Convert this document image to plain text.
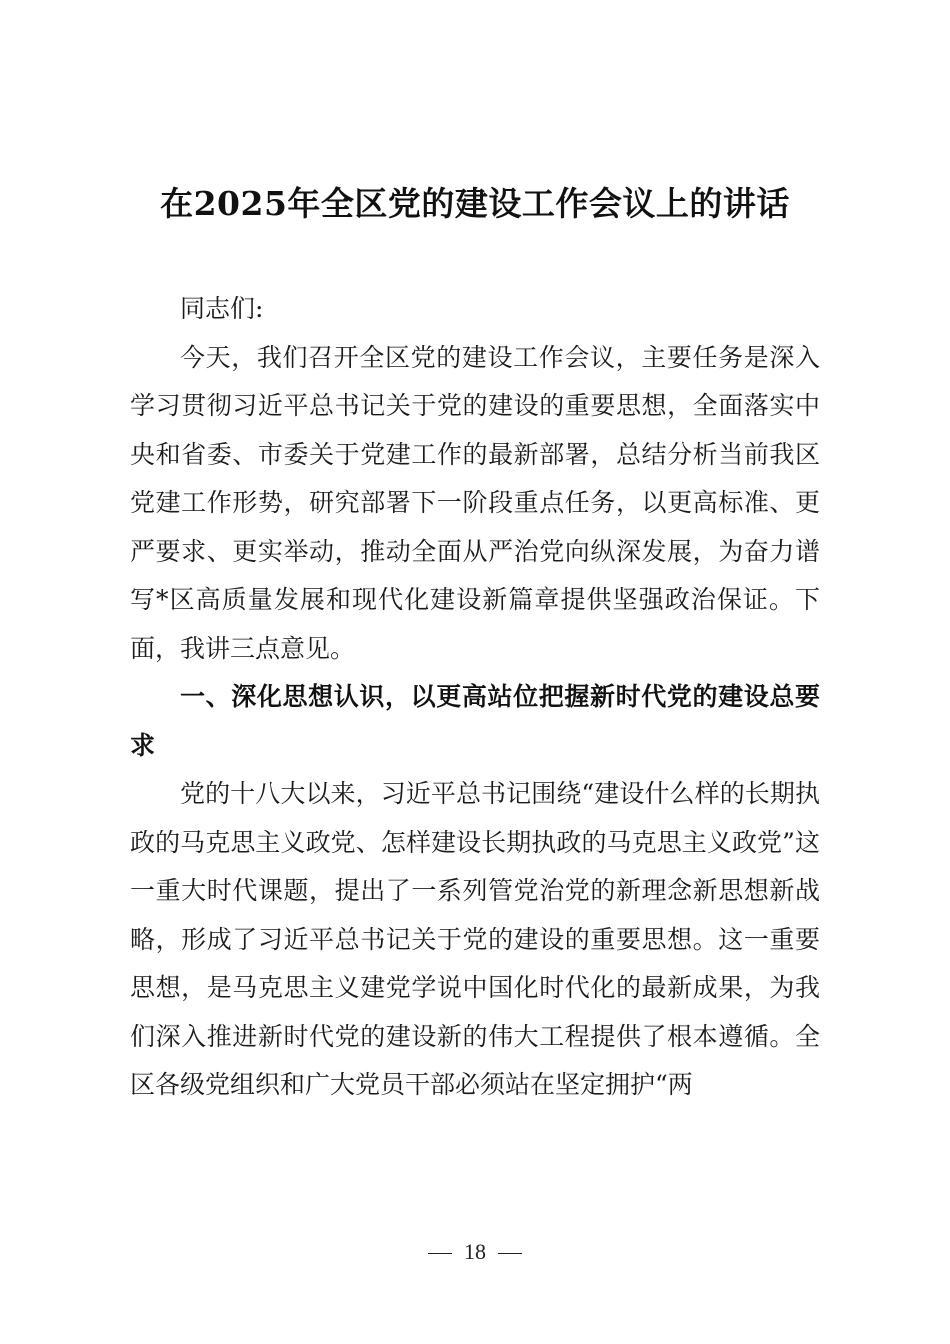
在2025年全区党的建设工作会议上的讲话

同志们:

今天，我们召开全区党的建设工作会议，主要任务是深入学习贯彻习近平总书记关于党的建设的重要思想，全面落实中央和省委、市委关于党建工作的最新部署，总结分析当前我区党建工作形势，研究部署下一阶段重点任务，以更高标准、更严要求、更实举动，推动全面从严治党向纵深发展，为奋力谱写*区高质量发展和现代化建设新篇章提供坚强政治保证。下面，我讲三点意见。

一、深化思想认识，以更高站位把握新时代党的建设总要求

党的十八大以来，习近平总书记围绕“建设什么样的长期执政的马克思主义政党、怎样建设长期执政的马克思主义政党”这一重大时代课题，提出了一系列管党治党的新理念新思想新战略，形成了习近平总书记关于党的建设的重要思想。这一重要思想，是马克思主义建党学说中国化时代化的最新成果，为我们深入推进新时代党的建设新的伟大工程提供了根本遵循。全区各级党组织和广大党员干部必须站在坚定拥护“两

18
